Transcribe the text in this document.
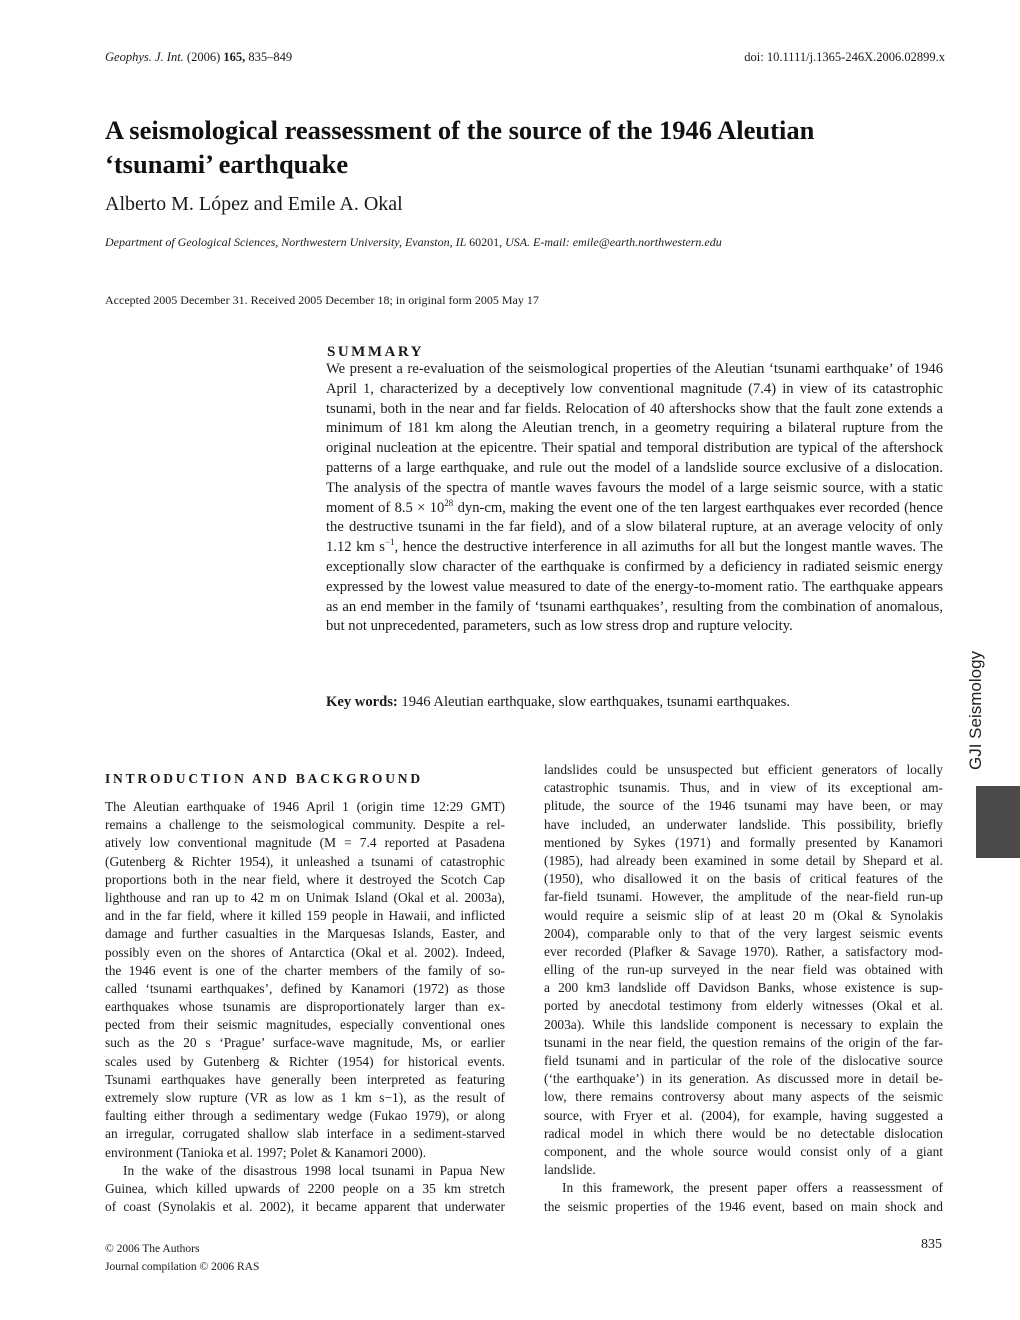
Geophys. J. Int. (2006) 165, 835–849	doi: 10.1111/j.1365-246X.2006.02899.x
A seismological reassessment of the source of the 1946 Aleutian
‘tsunami’ earthquake
Alberto M. López and Emile A. Okal
Department of Geological Sciences, Northwestern University, Evanston, IL 60201, USA. E-mail: emile@earth.northwestern.edu
Accepted 2005 December 31. Received 2005 December 18; in original form 2005 May 17
SUMMARY
We present a re-evaluation of the seismological properties of the Aleutian ‘tsunami earthquake’ of 1946 April 1, characterized by a deceptively low conventional magnitude (7.4) in view of its catastrophic tsunami, both in the near and far fields. Relocation of 40 aftershocks show that the fault zone extends a minimum of 181 km along the Aleutian trench, in a geometry requiring a bilateral rupture from the original nucleation at the epicentre. Their spatial and temporal distribution are typical of the aftershock patterns of a large earthquake, and rule out the model of a landslide source exclusive of a dislocation. The analysis of the spectra of mantle waves favours the model of a large seismic source, with a static moment of $8.5 \times 10^{28}$ dyn-cm, making the event one of the ten largest earthquakes ever recorded (hence the destructive tsunami in the far field), and of a slow bilateral rupture, at an average velocity of only 1.12 km $s^{-1}$, hence the destructive interference in all azimuths for all but the longest mantle waves. The exceptionally slow character of the earthquake is confirmed by a deficiency in radiated seismic energy expressed by the lowest value measured to date of the energy-to-moment ratio. The earthquake appears as an end member in the family of ‘tsunami earthquakes’, resulting from the combination of anomalous, but not unprecedented, parameters, such as low stress drop and rupture velocity.
Key words: 1946 Aleutian earthquake, slow earthquakes, tsunami earthquakes.	GJI Seismology
INTRODUCTION AND BACKGROUND
The Aleutian earthquake of 1946 April 1 (origin time 12:29 GMT)
remains a challenge to the seismological community. Despite a rel-
atively low conventional magnitude (M = 7.4 reported at Pasadena
(Gutenberg & Richter 1954), it unleashed a tsunami of catastrophic
proportions both in the near field, where it destroyed the Scotch Cap
lighthouse and ran up to 42 m on Unimak Island (Okal et al. 2003a),
and in the far field, where it killed 159 people in Hawaii, and inflicted
damage and further casualties in the Marquesas Islands, Easter, and
possibly even on the shores of Antarctica (Okal et al. 2002). Indeed,
the 1946 event is one of the charter members of the family of so-
called ‘tsunami earthquakes’, defined by Kanamori (1972) as those
earthquakes whose tsunamis are disproportionately larger than ex-
pected from their seismic magnitudes, especially conventional ones
such as the 20 s ‘Prague’ surface-wave magnitude, Ms, or earlier
scales used by Gutenberg & Richter (1954) for historical events.
Tsunami earthquakes have generally been interpreted as featuring
extremely slow rupture (VR as low as 1 km s−1), as the result of
faulting either through a sedimentary wedge (Fukao 1979), or along
an irregular, corrugated shallow slab interface in a sediment-starved
environment (Tanioka et al. 1997; Polet & Kanamori 2000).
In the wake of the disastrous 1998 local tsunami in Papua New
Guinea, which killed upwards of 2200 people on a 35 km stretch
of coast (Synolakis et al. 2002), it became apparent that underwater
landslides could be unsuspected but efficient generators of locally
catastrophic tsunamis. Thus, and in view of its exceptional am-
plitude, the source of the 1946 tsunami may have been, or may
have included, an underwater landslide. This possibility, briefly
mentioned by Sykes (1971) and formally presented by Kanamori
(1985), had already been examined in some detail by Shepard et al.
(1950), who disallowed it on the basis of critical features of the
far-field tsunami. However, the amplitude of the near-field run-up
would require a seismic slip of at least 20 m (Okal & Synolakis
2004), comparable only to that of the very largest seismic events
ever recorded (Plafker & Savage 1970). Rather, a satisfactory mod-
elling of the run-up surveyed in the near field was obtained with
a 200 km3 landslide off Davidson Banks, whose existence is sup-
ported by anecdotal testimony from elderly witnesses (Okal et al.
2003a). While this landslide component is necessary to explain the
tsunami in the near field, the question remains of the origin of the far-
field tsunami and in particular of the role of the dislocative source
(‘the earthquake’) in its generation. As discussed more in detail be-
low, there remains controversy about many aspects of the seismic
source, with Fryer et al. (2004), for example, having suggested a
radical model in which there would be no detectable dislocation
component, and the whole source would consist only of a giant
landslide.
In this framework, the present paper offers a reassessment of
the seismic properties of the 1946 event, based on main shock and
© 2006 The Authors
Journal compilation © 2006 RAS
835
